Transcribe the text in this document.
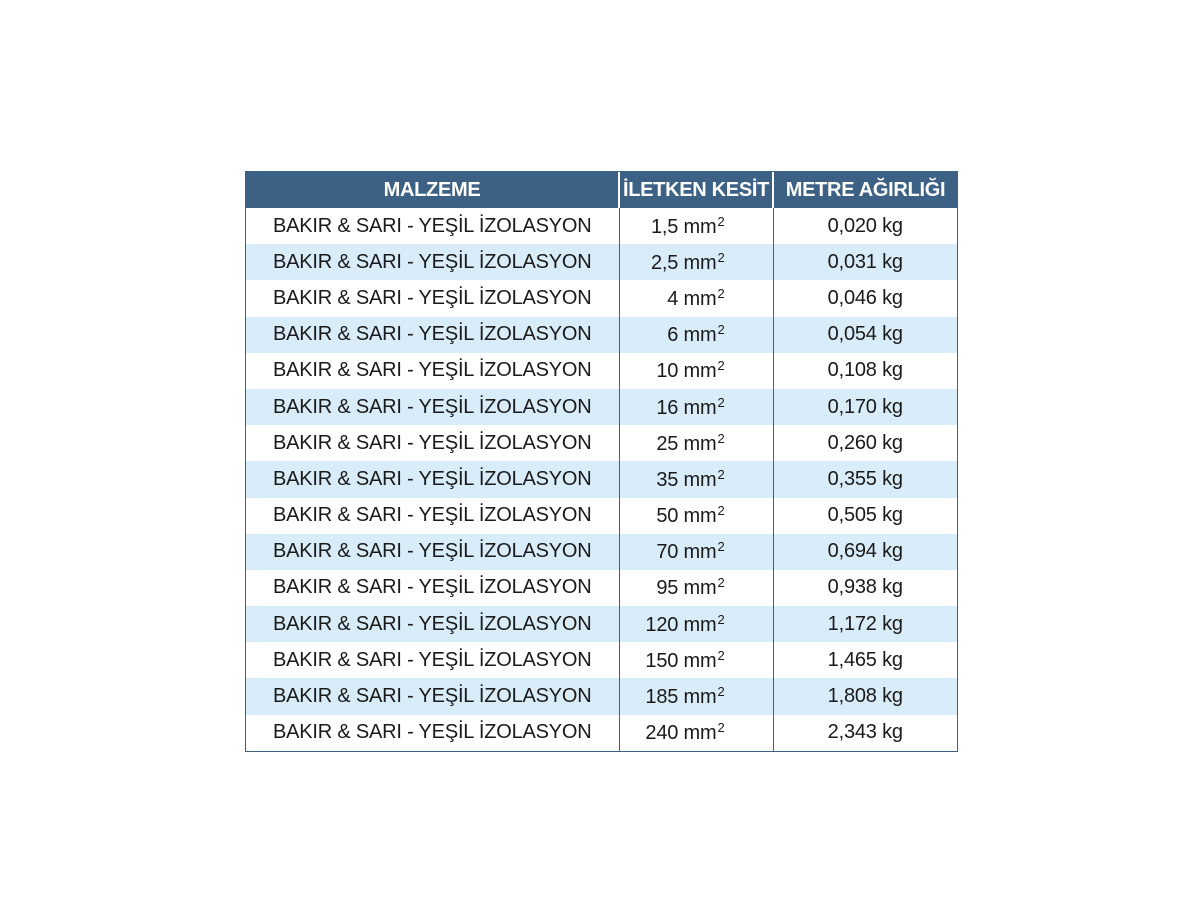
MALZEME	İLETKEN KESİT	METRE AĞIRLIĞI
BAKIR & SARI - YEŞİL İZOLASYON	1,5 $mm^2$	0,020 kg
BAKIR & SARI - YEŞİL İZOLASYON	2,5 $mm^2$	0,031 kg
BAKIR & SARI - YEŞİL İZOLASYON	4 $mm^2$	0,046 kg
BAKIR & SARI - YEŞİL İZOLASYON	6 $mm^2$	0,054 kg
BAKIR & SARI - YEŞİL İZOLASYON	10 $mm^2$	0,108 kg
BAKIR & SARI - YEŞİL İZOLASYON	16 $mm^2$	0,170 kg
BAKIR & SARI - YEŞİL İZOLASYON	25 $mm^2$	0,260 kg
BAKIR & SARI - YEŞİL İZOLASYON	35 $mm^2$	0,355 kg
BAKIR & SARI - YEŞİL İZOLASYON	50 $mm^2$	0,505 kg
BAKIR & SARI - YEŞİL İZOLASYON	70 $mm^2$	0,694 kg
BAKIR & SARI - YEŞİL İZOLASYON	95 $mm^2$	0,938 kg
BAKIR & SARI - YEŞİL İZOLASYON	120 $mm^2$	1,172 kg
BAKIR & SARI - YEŞİL İZOLASYON	150 $mm^2$	1,465 kg
BAKIR & SARI - YEŞİL İZOLASYON	185 $mm^2$	1,808 kg
BAKIR & SARI - YEŞİL İZOLASYON	240 $mm^2$	2,343 kg
